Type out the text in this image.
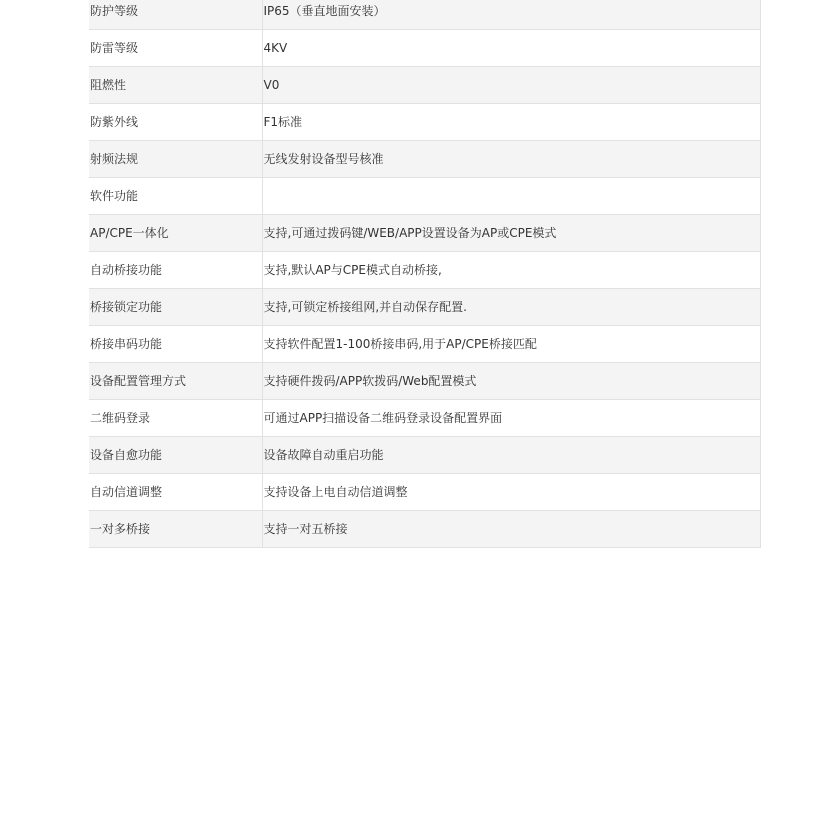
防护等级	IP65（垂直地面安装）
防雷等级	4KV
阻燃性	V0
防紫外线	F1标准
射频法规	无线发射设备型号核准
软件功能	
AP/CPE一体化	支持,可通过拨码键/WEB/APP设置设备为AP或CPE模式
自动桥接功能	支持,默认AP与CPE模式自动桥接,
桥接锁定功能	支持,可锁定桥接组网,并自动保存配置.
桥接串码功能	支持软件配置1-100桥接串码,用于AP/CPE桥接匹配
设备配置管理方式	支持硬件拨码/APP软拨码/Web配置模式
二维码登录	可通过APP扫描设备二维码登录设备配置界面
设备自愈功能	设备故障自动重启功能
自动信道调整	支持设备上电自动信道调整
一对多桥接	支持一对五桥接
